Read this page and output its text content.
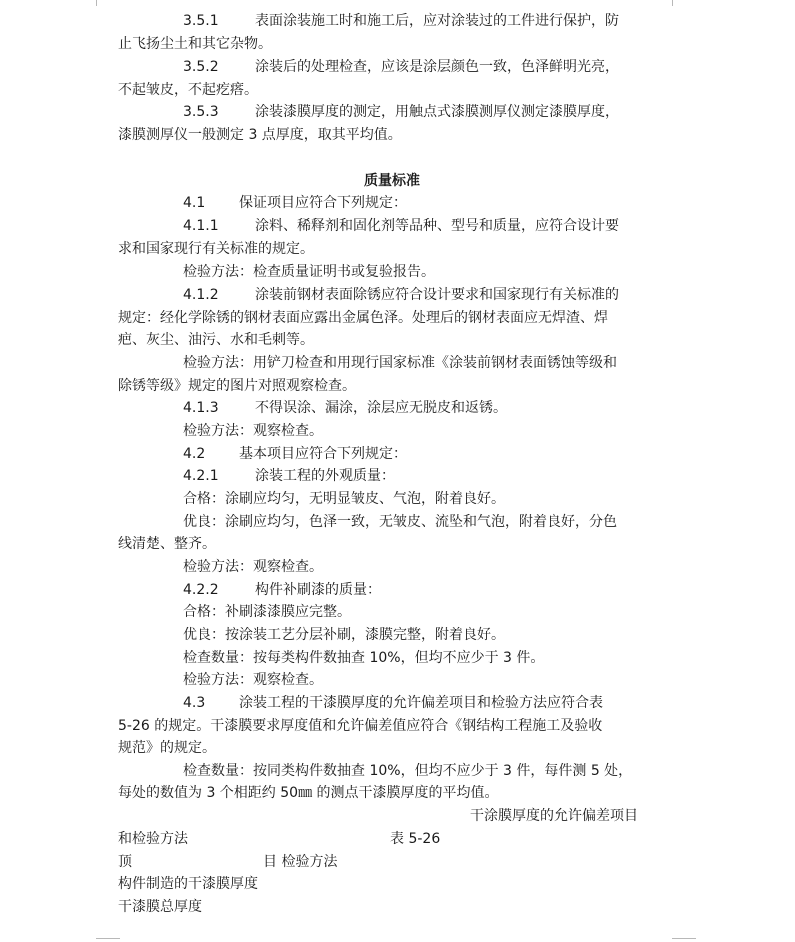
3.5.1	表面涂装施工时和施工后，应对涂装过的工件进行保护，防
止飞扬尘土和其它杂物。
3.5.2	涂装后的处理检查，应该是涂层颜色一致，色泽鲜明光亮，
不起皱皮，不起疙瘩。
3.5.3	涂装漆膜厚度的测定，用触点式漆膜测厚仪测定漆膜厚度，
漆膜测厚仪一般测定 3 点厚度，取其平均值。
质量标准
4.1 保证项目应符合下列规定：
4.1.1	涂料、稀释剂和固化剂等品种、型号和质量，应符合设计要
求和国家现行有关标准的规定。
检验方法：检查质量证明书或复验报告。
4.1.2	涂装前钢材表面除锈应符合设计要求和国家现行有关标准的
规定：经化学除锈的钢材表面应露出金属色泽。处理后的钢材表面应无焊渣、焊
疤、灰尘、油污、水和毛刺等。
检验方法：用铲刀检查和用现行国家标准《涂装前钢材表面锈蚀等级和
除锈等级》规定的图片对照观察检查。
4.1.3	不得误涂、漏涂，涂层应无脱皮和返锈。
检验方法：观察检查。
4.2 基本项目应符合下列规定：
4.2.1	涂装工程的外观质量：
合格：涂刷应均匀，无明显皱皮、气泡，附着良好。
优良：涂刷应均匀，色泽一致，无皱皮、流坠和气泡，附着良好，分色
线清楚、整齐。
检验方法：观察检查。
4.2.2	构件补刷漆的质量：
合格：补刷漆漆膜应完整。
优良：按涂装工艺分层补刷，漆膜完整，附着良好。
检查数量：按每类构件数抽查 10%，但均不应少于 3 件。
检验方法：观察检查。
4.3 涂装工程的干漆膜厚度的允许偏差项目和检验方法应符合表
5-26 的规定。干漆膜要求厚度值和允许偏差值应符合《钢结构工程施工及验收
规范》的规定。
检查数量：按同类构件数抽查 10%，但均不应少于 3 件，每件测 5 处，
每处的数值为 3 个相距约 50㎜ 的测点干漆膜厚度的平均值。
干涂膜厚度的允许偏差项目
和检验方法	表 5-26
顶	目 检验方法
构件制造的干漆膜厚度
干漆膜总厚度
